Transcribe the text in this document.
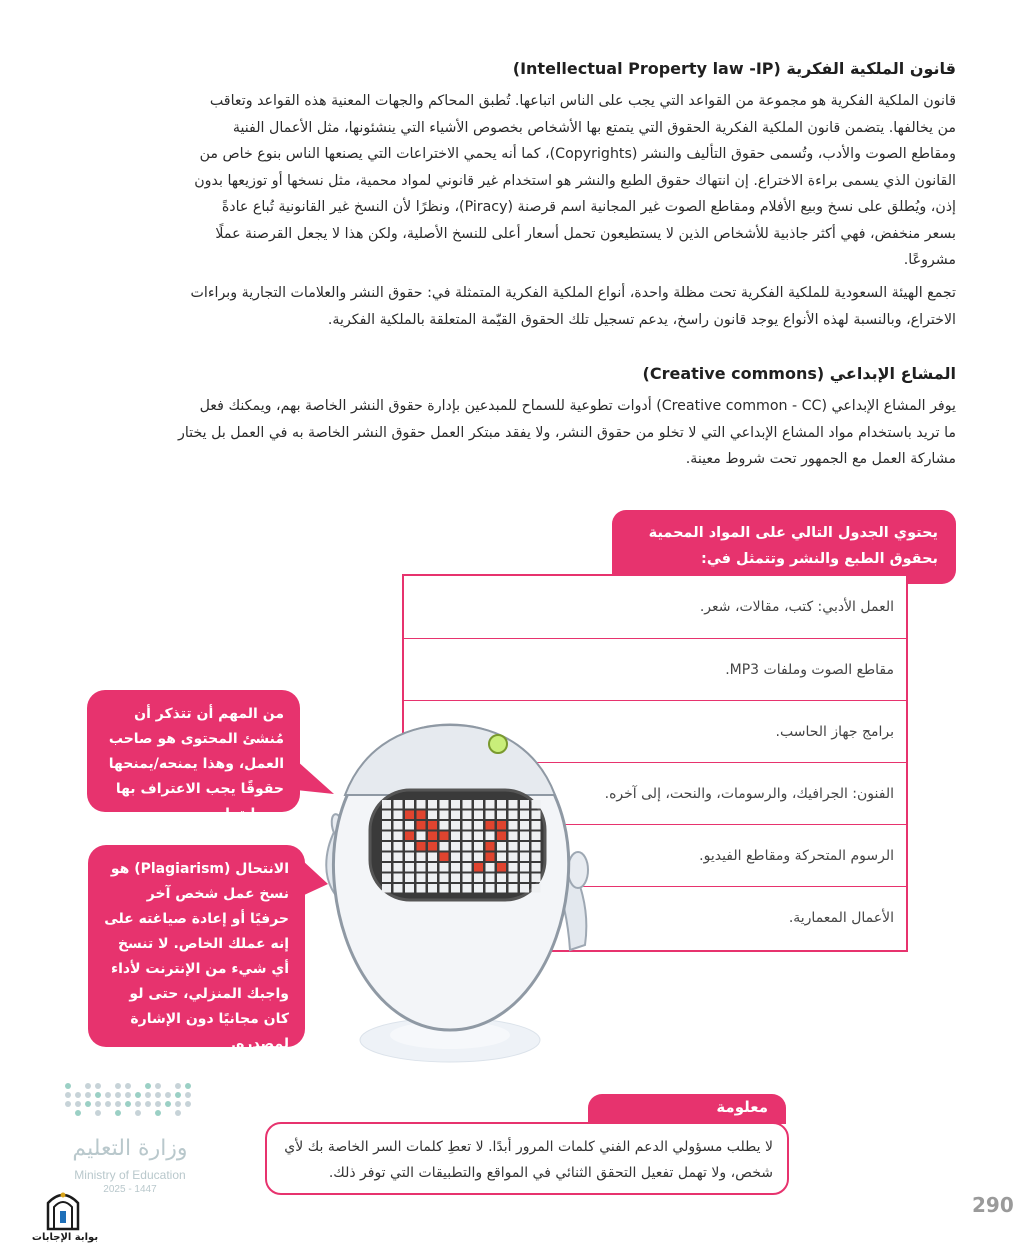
قانون الملكية الفكرية (Intellectual Property law -IP)
قانون الملكية الفكرية هو مجموعة من القواعد التي يجب على الناس اتباعها. تُطبق المحاكم والجهات المعنية هذه القواعد وتعاقب
من يخالفها. يتضمن قانون الملكية الفكرية الحقوق التي يتمتع بها الأشخاص بخصوص الأشياء التي ينشئونها، مثل الأعمال الفنية
ومقاطع الصوت والأدب، وتُسمى حقوق التأليف والنشر (Copyrights)، كما أنه يحمي الاختراعات التي يصنعها الناس بنوع خاص من
القانون الذي يسمى براءة الاختراع. إن انتهاك حقوق الطبع والنشر هو استخدام غير قانوني لمواد محمية، مثل نسخها أو توزيعها بدون
إذن، ويُطلق على نسخ وبيع الأفلام ومقاطع الصوت غير المجانية اسم قرصنة (Piracy)، ونظرًا لأن النسخ غير القانونية تُباع عادةً
بسعر منخفض، فهي أكثر جاذبية للأشخاص الذين لا يستطيعون تحمل أسعار أعلى للنسخ الأصلية، ولكن هذا لا يجعل القرصنة عملًا
مشروعًا.
تجمع الهيئة السعودية للملكية الفكرية تحت مظلة واحدة، أنواع الملكية الفكرية المتمثلة في: حقوق النشر والعلامات التجارية وبراءات
الاختراع، وبالنسبة لهذه الأنواع يوجد قانون راسخ، يدعم تسجيل تلك الحقوق القيّمة المتعلقة بالملكية الفكرية.
المشاع الإبداعي (Creative commons)
يوفر المشاع الإبداعي (Creative common - CC) أدوات تطوعية للسماح للمبدعين بإدارة حقوق النشر الخاصة بهم، ويمكنك فعل
ما تريد باستخدام مواد المشاع الإبداعي التي لا تخلو من حقوق النشر، ولا يفقد مبتكر العمل حقوق النشر الخاصة به في العمل بل يختار
مشاركة العمل مع الجمهور تحت شروط معينة.
يحتوي الجدول التالي على المواد المحمية بحقوق الطبع والنشر وتتمثل في:
العمل الأدبي: كتب، مقالات، شعر.
مقاطع الصوت وملفات MP3.
برامج جهاز الحاسب.
الفنون: الجرافيك، والرسومات، والنحت، إلى آخره.
الرسوم المتحركة ومقاطع الفيديو.
الأعمال المعمارية.
من المهم أن تتذكر أن مُنشئ المحتوى هو صاحب العمل، وهذا يمنحه/يمنحها حقوقًا يجب الاعتراف بها وحمايتها.
الانتحال (Plagiarism) هو نسخ عمل شخص آخر حرفيًا أو إعادة صياغته على إنه عملك الخاص. لا تنسخ أي شيء من الإنترنت لأداء واجبك المنزلي، حتى لو كان مجانيًا دون الإشارة لمصدره.
معلومة
لا يطلب مسؤولي الدعم الفني كلمات المرور أبدًا. لا تعطِ كلمات السر الخاصة بك لأي شخص، ولا تهمل تفعيل التحقق الثنائي في المواقع والتطبيقات التي توفر ذلك.
وزارة التعليم
Ministry of Education
2025 - 1447
بوابة الإجابات
290
